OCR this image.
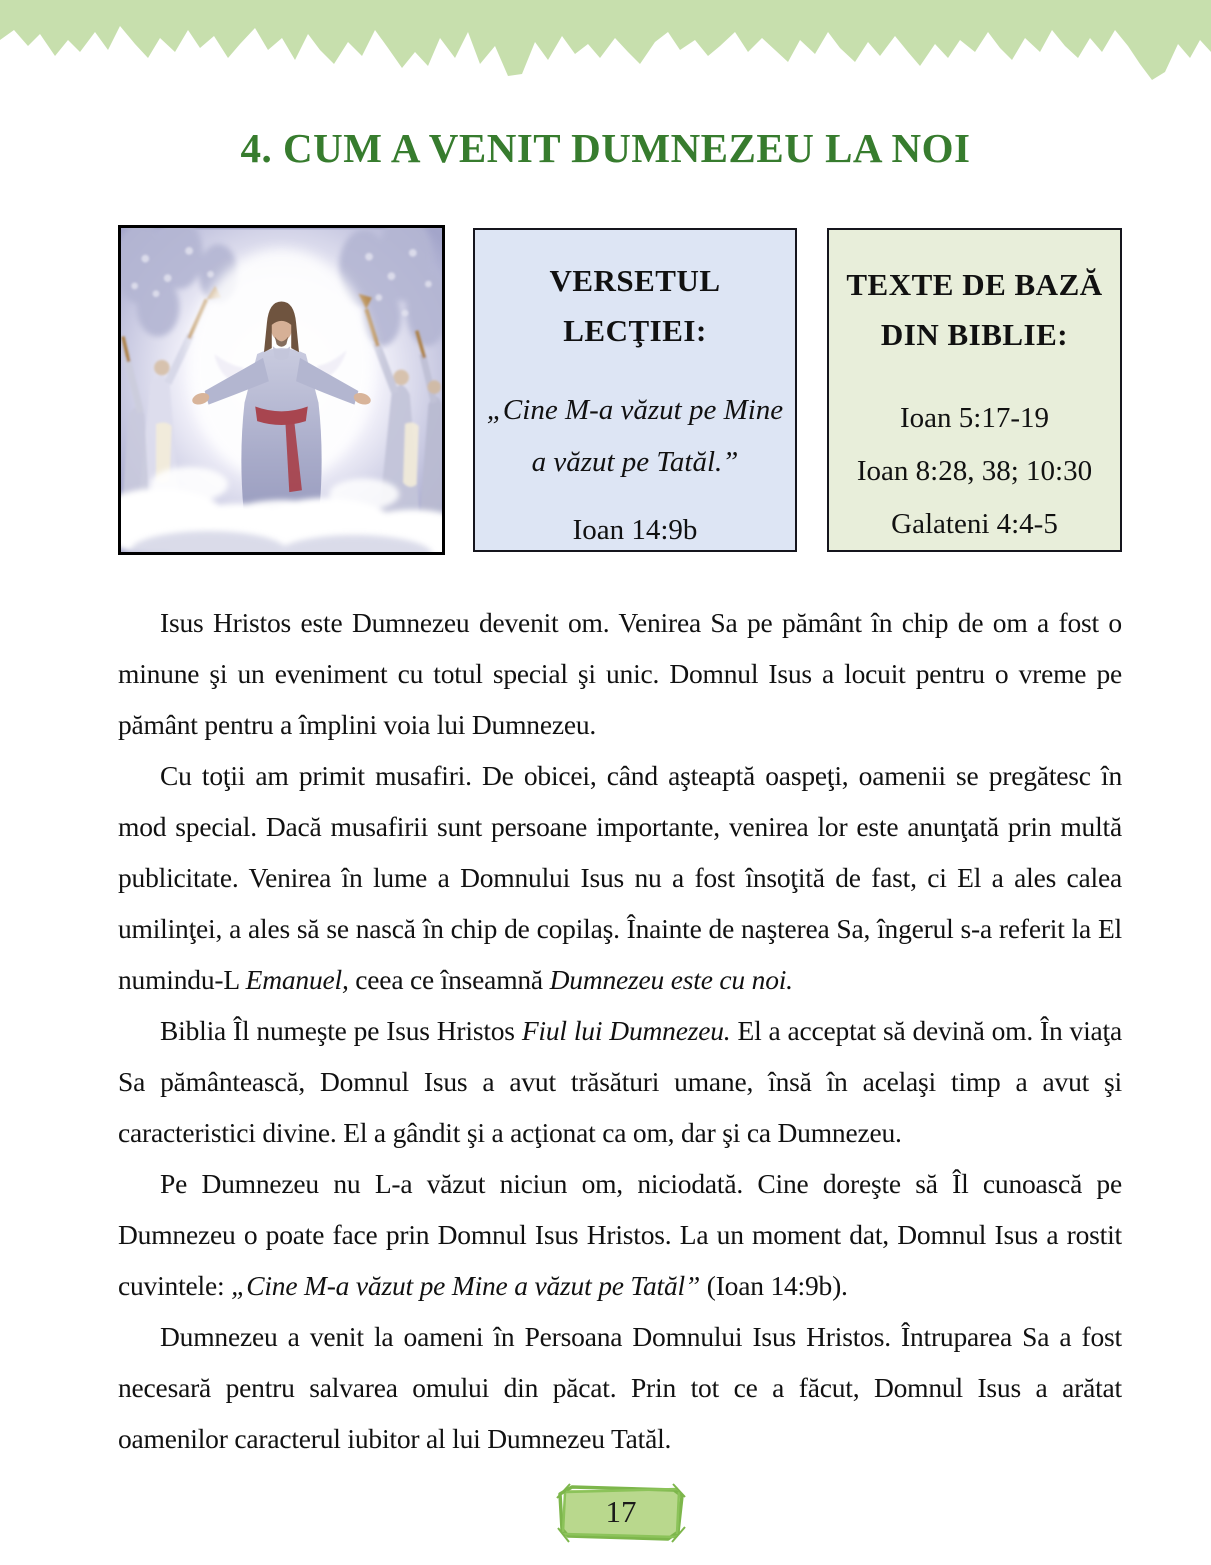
4. CUM A VENIT DUMNEZEU LA NOI
VERSETUL
LECŢIEI:
„Cine M-a văzut pe Mine
a văzut pe Tatăl.”
Ioan 14:9b
TEXTE DE BAZĂ
DIN BIBLIE:
Ioan 5:17-19
Ioan 8:28, 38; 10:30
Galateni 4:4-5

Isus Hristos este Dumnezeu devenit om. Venirea Sa pe pământ în chip de om a fost o minune şi un eveniment cu totul special şi unic. Domnul Isus a locuit pentru o vreme pe pământ pentru a împlini voia lui Dumnezeu.

Cu toţii am primit musafiri. De obicei, când aşteaptă oaspeţi, oamenii se pregătesc în mod special. Dacă musafirii sunt persoane importante, venirea lor este anunţată prin multă publicitate. Venirea în lume a Domnului Isus nu a fost însoţită de fast, ci El a ales calea umilinţei, a ales să se nască în chip de copilaş. Înainte de naşterea Sa, îngerul s-a referit la El numindu-L Emanuel, ceea ce înseamnă Dumnezeu este cu noi.

Biblia Îl numeşte pe Isus Hristos Fiul lui Dumnezeu. El a acceptat să devină om. În viaţa Sa pământească, Domnul Isus a avut trăsături umane, însă în acelaşi timp a avut şi caracteristici divine. El a gândit şi a acţionat ca om, dar şi ca Dumnezeu.

Pe Dumnezeu nu L-a văzut niciun om, niciodată. Cine doreşte să Îl cunoască pe Dumnezeu o poate face prin Domnul Isus Hristos. La un moment dat, Domnul Isus a rostit cuvintele: „Cine M-a văzut pe Mine a văzut pe Tatăl” (Ioan 14:9b).

Dumnezeu a venit la oameni în Persoana Domnului Isus Hristos. Întruparea Sa a fost necesară pentru salvarea omului din păcat. Prin tot ce a făcut, Domnul Isus a arătat oamenilor caracterul iubitor al lui Dumnezeu Tatăl.

17
